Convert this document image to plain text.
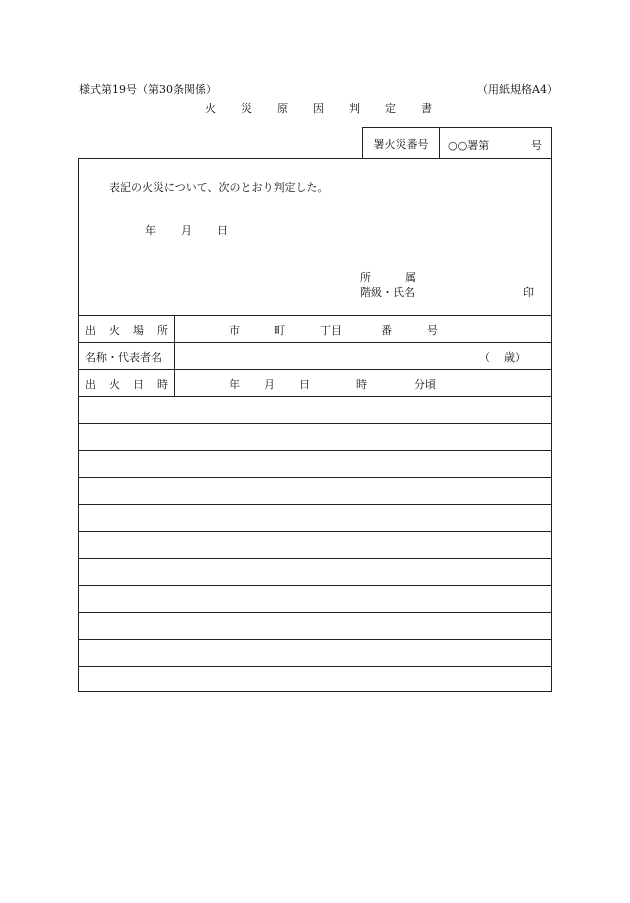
様式第19号（第30条関係）	（用紙規格A4）
火	災	原	因	判	定	書
署火災番号	○○署第	号
表記の火災について、次のとおり判定した。
年	月	日
所	属
階級・氏名	印
出 火 場 所	市	町	丁目	番	号
名称・代表者名	（ 歳）
出 火 日 時	年 月 日	時	分頃
